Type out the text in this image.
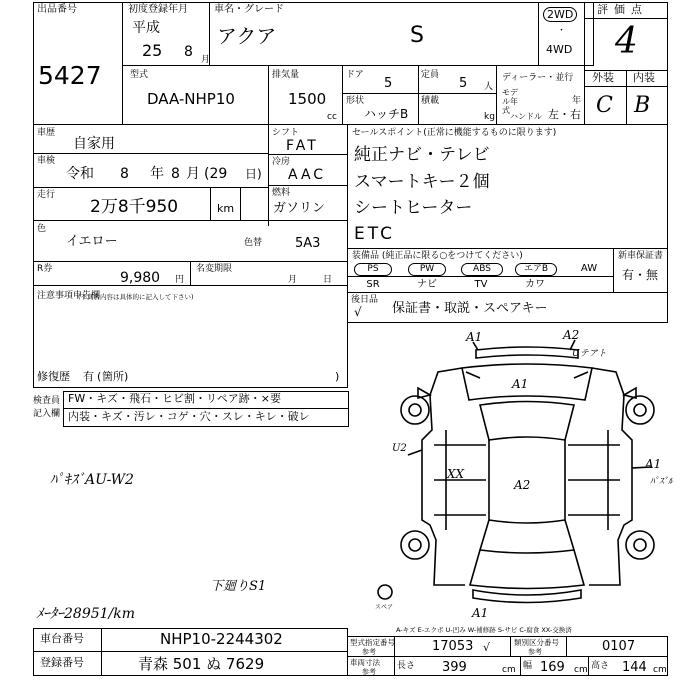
出品番号
5427
初度登録年月
平成
25 8 月
車名・グレード
アクア	S
2WD
・
4WD
評価点
4
外装 内装
C B
型式
DAA-NHP10
排気量
1500
cc
ドア
5
定員
5 人
形状
ハッチB
積載
kg
ディーラー・並行
モデル年式
年
ハンドル 左・右
車歴
自家用
車検
令和 8 年 8 月 (29 日)
走行
2万8千950	km
シフト
FAT
冷房
AAC
燃料
ガソリン
色
イエロー	色替	5A3
R券
9,980 円
名変期限
月	日
セールスポイント(正常に機能するものに限ります)
純正ナビ・テレビ
スマートキー２個
シートヒーター
ETC
装備品 (純正品に限る○をつけてください)	新車保証書
有・無
PS	PW	ABS	エアB	AW
SR	ナビ	TV	カワ
後日品
√ 保証書・取説・スペアキー
注意事項申告欄
(不具合内容は具体的に記入して下さい)
修復歴 有 ( 箇所)	)
検査員
記入欄
FW・キズ・飛石・ヒビ割・リペア跡・×要
内装・キズ・汚レ・コゲ・穴・スレ・キレ・破レ
ﾊﾟｷｽﾞAU-W2
下廻りS1
ﾒｰﾀｰ28951/km
A1	A2
Uテアト
A1
U2
XX
A2
A1
ﾊﾟｽﾞﾙ
A1
スペア
A-キズ E-エクボ U-凹み W-補修跡 S-サビ C-腐食 XX-交換済
車台番号	NHP10-2244302
登録番号	青森 501 ぬ 7629
型式指定番号
参考	17053 √	類別区分番号
参考	0107
車両寸法
参考
長さ 399	cm 幅 169 cm 高さ 144 cm
